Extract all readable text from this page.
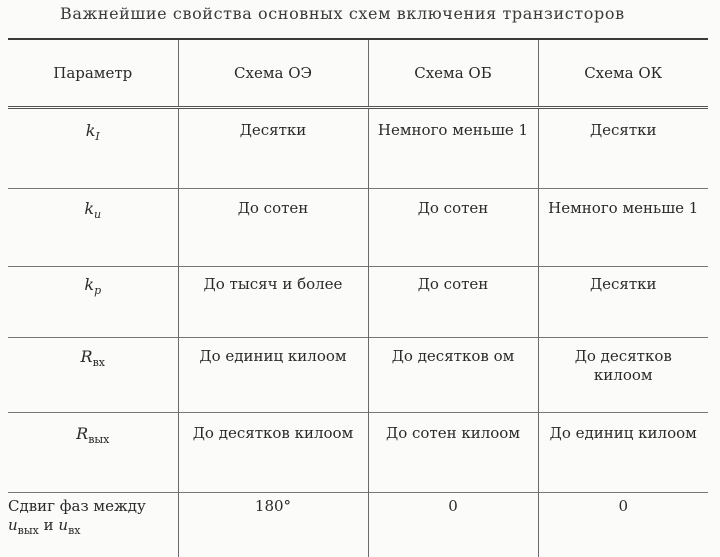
Важнейшие свойства основных схем включения транзисторов
Параметр	Схема ОЭ	Схема ОБ	Схема ОК
$k_I$	Десятки	Немного меньше 1	Десятки
$k_u$	До сотен	До сотен	Немного меньше 1
$k_p$	До тысяч и более	До сотен	Десятки
$R_{вх}$	До единиц килоом	До десятков ом	До десятков килоом
$R_{вых}$	До десятков килоом	До сотен килоом	До единиц килоом
Сдвиг фаз между $u_{вых}$ и $u_{вх}$	180°	0	0
